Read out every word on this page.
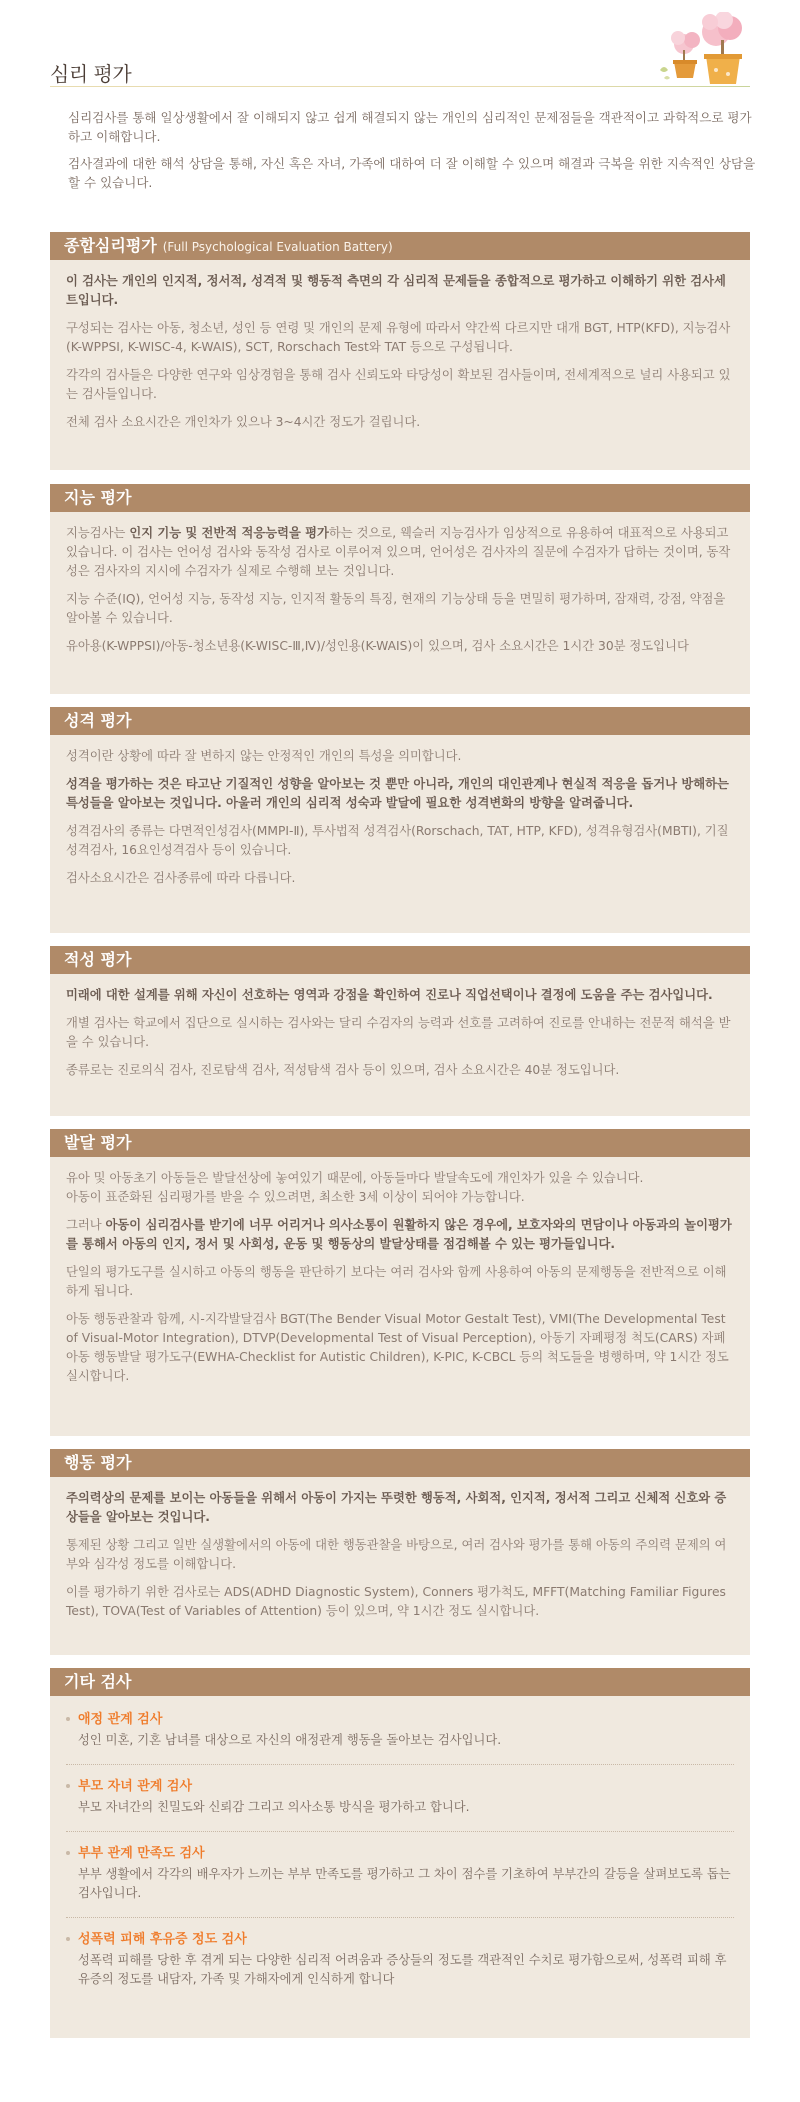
심리 평가

심리검사를 통해 일상생활에서 잘 이해되지 않고 쉽게 해결되지 않는 개인의 심리적인 문제점들을 객관적이고 과학적으로 평가하고 이해합니다.

검사결과에 대한 해석 상담을 통해, 자신 혹은 자녀, 가족에 대하여 더 잘 이해할 수 있으며 해결과 극복을 위한 지속적인 상담을 할 수 있습니다.

종합심리평가 (Full Psychological Evaluation Battery)

이 검사는 개인의 인지적, 정서적, 성격적 및 행동적 측면의 각 심리적 문제들을 종합적으로 평가하고 이해하기 위한 검사세트입니다.

구성되는 검사는 아동, 청소년, 성인 등 연령 및 개인의 문제 유형에 따라서 약간씩 다르지만 대개 BGT, HTP(KFD), 지능검사(K-WPPSI, K-WISC-4, K-WAIS), SCT, Rorschach Test와 TAT 등으로 구성됩니다.

각각의 검사들은 다양한 연구와 임상경험을 통해 검사 신뢰도와 타당성이 확보된 검사들이며, 전세계적으로 널리 사용되고 있는 검사들입니다.

전체 검사 소요시간은 개인차가 있으나 3~4시간 정도가 걸립니다.

지능 평가

지능검사는 인지 기능 및 전반적 적응능력을 평가하는 것으로, 웩슬러 지능검사가 임상적으로 유용하여 대표적으로 사용되고 있습니다. 이 검사는 언어성 검사와 동작성 검사로 이루어져 있으며, 언어성은 검사자의 질문에 수검자가 답하는 것이며, 동작성은 검사자의 지시에 수검자가 실제로 수행해 보는 것입니다.

지능 수준(IQ), 언어성 지능, 동작성 지능, 인지적 활동의 특징, 현재의 기능상태 등을 면밀히 평가하며, 잠재력, 강점, 약점을 알아볼 수 있습니다.

유아용(K-WPPSI)/아동-청소년용(K-WISC-Ⅲ,Ⅳ)/성인용(K-WAIS)이 있으며, 검사 소요시간은 1시간 30분 정도입니다

성격 평가

성격이란 상황에 따라 잘 변하지 않는 안정적인 개인의 특성을 의미합니다.

성격을 평가하는 것은 타고난 기질적인 성향을 알아보는 것 뿐만 아니라, 개인의 대인관계나 현실적 적응을 돕거나 방해하는 특성들을 알아보는 것입니다. 아울러 개인의 심리적 성숙과 발달에 필요한 성격변화의 방향을 알려줍니다.

성격검사의 종류는 다면적인성검사(MMPI-Ⅱ), 투사법적 성격검사(Rorschach, TAT, HTP, KFD), 성격유형검사(MBTI), 기질성격검사, 16요인성격검사 등이 있습니다.

검사소요시간은 검사종류에 따라 다릅니다.

적성 평가

미래에 대한 설계를 위해 자신이 선호하는 영역과 강점을 확인하여 진로나 직업선택이나 결정에 도움을 주는 검사입니다.

개별 검사는 학교에서 집단으로 실시하는 검사와는 달리 수검자의 능력과 선호를 고려하여 진로를 안내하는 전문적 해석을 받을 수 있습니다.

종류로는 진로의식 검사, 진로탐색 검사, 적성탐색 검사 등이 있으며, 검사 소요시간은 40분 정도입니다.

발달 평가

유아 및 아동초기 아동들은 발달선상에 놓여있기 때문에, 아동들마다 발달속도에 개인차가 있을 수 있습니다.
아동이 표준화된 심리평가를 받을 수 있으려면, 최소한 3세 이상이 되어야 가능합니다.

그러나 아동이 심리검사를 받기에 너무 어리거나 의사소통이 원활하지 않은 경우에, 보호자와의 면담이나 아동과의 놀이평가를 통해서 아동의 인지, 정서 및 사회성, 운동 및 행동상의 발달상태를 점검해볼 수 있는 평가들입니다.

단일의 평가도구를 실시하고 아동의 행동을 판단하기 보다는 여러 검사와 함께 사용하여 아동의 문제행동을 전반적으로 이해하게 됩니다.

아동 행동관찰과 함께, 시-지각발달검사 BGT(The Bender Visual Motor Gestalt Test), VMI(The Developmental Test of Visual-Motor Integration), DTVP(Developmental Test of Visual Perception), 아동기 자폐평정 척도(CARS) 자폐아동 행동발달 평가도구(EWHA-Checklist for Autistic Children), K-PIC, K-CBCL 등의 척도들을 병행하며, 약 1시간 정도 실시합니다.

행동 평가

주의력상의 문제를 보이는 아동들을 위해서 아동이 가지는 뚜렷한 행동적, 사회적, 인지적, 정서적 그리고 신체적 신호와 증상들을 알아보는 것입니다.

통제된 상황 그리고 일반 실생활에서의 아동에 대한 행동관찰을 바탕으로, 여러 검사와 평가를 통해 아동의 주의력 문제의 여부와 심각성 정도를 이해합니다.

이를 평가하기 위한 검사로는 ADS(ADHD Diagnostic System), Conners 평가척도, MFFT(Matching Familiar Figures Test), TOVA(Test of Variables of Attention) 등이 있으며, 약 1시간 정도 실시합니다.

기타 검사
애정 관계 검사
성인 미혼, 기혼 남녀를 대상으로 자신의 애정관계 행동을 돌아보는 검사입니다.
부모 자녀 관계 검사
부모 자녀간의 친밀도와 신뢰감 그리고 의사소통 방식을 평가하고 합니다.
부부 관계 만족도 검사
부부 생활에서 각각의 배우자가 느끼는 부부 만족도를 평가하고 그 차이 점수를 기초하여 부부간의 갈등을 살펴보도록 돕는 검사입니다.
성폭력 피해 후유증 정도 검사
성폭력 피해를 당한 후 겪게 되는 다양한 심리적 어려움과 증상들의 정도를 객관적인 수치로 평가함으로써, 성폭력 피해 후유증의 정도를 내담자, 가족 및 가해자에게 인식하게 합니다
